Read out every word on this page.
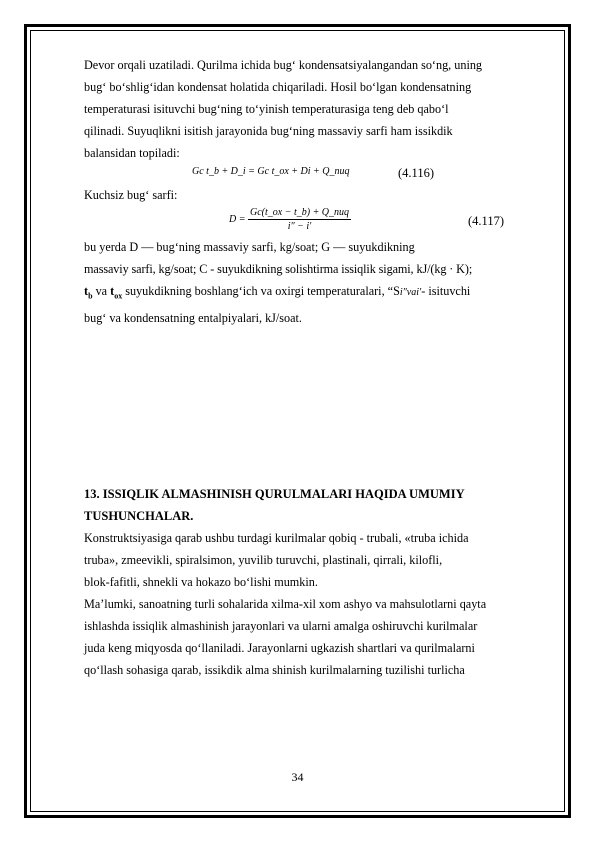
Devor orqali uzatiladi. Qurilma ichida bug‘ kondensatsiyalangandan so‘ng, uning
bug‘ bo‘shlig‘idan kondensat holatida chiqariladi. Hosil bo‘lgan kondensatning
temperaturasi isituvchi bug‘ning to‘yinish temperaturasiga teng deb qabo‘l
qilinadi. Suyuqlikni isitish jarayonida bug‘ning massaviy sarfi ham issikdik
balansidan topiladi:
Gc t_b + D_i = Gc t_ox + Di + Q_nuq	(4.116)
Kuchsiz bug‘ sarfi:
D =
Gc(t_ox − t_b) + Q_nuq
i″ − i′	(4.117)
bu yerda D — bug‘ning massaviy sarfi, kg/soat; G — suyukdikning
massaviy sarfi, kg/soat; C - suyukdikning solishtirma issiqlik sigami, kJ/(kg · K);
$t_b$ va $t_{ox}$ suyukdikning boshlang‘ich va oxirgi temperaturalari, “Si″vai′- isituvchi
bug‘ va kondensatning entalpiyalari, kJ/soat.
13. ISSIQLIK ALMASHINISH QURULMALARI HAQIDA UMUMIY
TUSHUNCHALAR.
Konstruktsiyasiga qarab ushbu turdagi kurilmalar qobiq - trubali, «truba ichida
truba», zmeevikli, spiralsimon, yuvilib turuvchi, plastinali, qirrali, kilofli,
blok-fafitli, shnekli va hokazo bo‘lishi mumkin.
Ma’lumki, sanoatning turli sohalarida xilma-xil xom ashyo va mahsulotlarni qayta
ishlashda issiqlik almashinish jarayonlari va ularni amalga oshiruvchi kurilmalar
juda keng miqyosda qo‘llaniladi. Jarayonlarni ugkazish shartlari va qurilmalarni
qo‘llash sohasiga qarab, issikdik alma shinish kurilmalarning tuzilishi turlicha
34
